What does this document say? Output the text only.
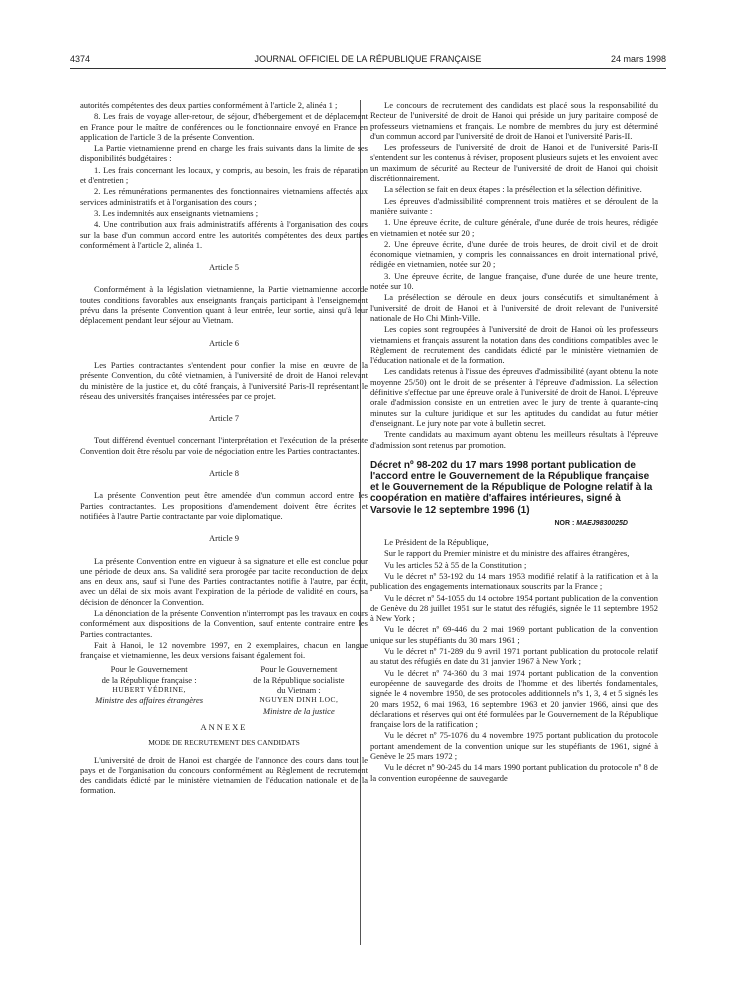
4374	JOURNAL OFFICIEL DE LA RÉPUBLIQUE FRANÇAISE	24 mars 1998

autorités compétentes des deux parties conformément à l'article 2, alinéa 1 ;

8. Les frais de voyage aller-retour, de séjour, d'hébergement et de déplacement en France pour le maître de conférences ou le fonctionnaire envoyé en France en application de l'article 3 de la présente Convention.

La Partie vietnamienne prend en charge les frais suivants dans la limite de ses disponibilités budgétaires :

1. Les frais concernant les locaux, y compris, au besoin, les frais de réparation et d'entretien ;

2. Les rémunérations permanentes des fonctionnaires vietnamiens affectés aux services administratifs et à l'organisation des cours ;

3. Les indemnités aux enseignants vietnamiens ;

4. Une contribution aux frais administratifs afférents à l'organisation des cours sur la base d'un commun accord entre les autorités compétentes des deux parties conformément à l'article 2, alinéa 1.

Article 5

Conformément à la législation vietnamienne, la Partie vietnamienne accorde toutes conditions favorables aux enseignants français participant à l'enseignement prévu dans la présente Convention quant à leur entrée, leur sortie, ainsi qu'à leur déplacement pendant leur séjour au Vietnam.

Article 6

Les Parties contractantes s'entendent pour confier la mise en œuvre de la présente Convention, du côté vietnamien, à l'université de droit de Hanoi relevant du ministère de la justice et, du côté français, à l'université Paris-II représentant le réseau des universités françaises intéressées par ce projet.

Article 7

Tout différend éventuel concernant l'interprétation et l'exécution de la présente Convention doit être résolu par voie de négociation entre les Parties contractantes.

Article 8

La présente Convention peut être amendée d'un commun accord entre les Parties contractantes. Les propositions d'amendement doivent être écrites et notifiées à l'autre Partie contractante par voie diplomatique.

Article 9

La présente Convention entre en vigueur à sa signature et elle est conclue pour une période de deux ans. Sa validité sera prorogée par tacite reconduction de deux ans en deux ans, sauf si l'une des Parties contractantes notifie à l'autre, par écrit, avec un délai de six mois avant l'expiration de la période de validité en cours, sa décision de dénoncer la Convention.

La dénonciation de la présente Convention n'interrompt pas les travaux en cours conformément aux dispositions de la Convention, sauf entente contraire entre les Parties contractantes.

Fait à Hanoi, le 12 novembre 1997, en 2 exemplaires, chacun en langue française et vietnamienne, les deux versions faisant également foi.

Pour le Gouvernement
de la République française :
HUBERT VÉDRINE,
Ministre des affaires étrangères
Pour le Gouvernement
de la République socialiste
du Vietnam :
NGUYEN DINH LOC,
Ministre de la justice
ANNEXE
MODE DE RECRUTEMENT DES CANDIDATS

L'université de droit de Hanoi est chargée de l'annonce des cours dans tout le pays et de l'organisation du concours conformément au Règlement de recrutement des candidats édicté par le ministère vietnamien de l'éducation nationale et de la formation.

Le concours de recrutement des candidats est placé sous la responsabilité du Recteur de l'université de droit de Hanoi qui préside un jury paritaire composé de professeurs vietnamiens et français. Le nombre de membres du jury est déterminé d'un commun accord par l'université de droit de Hanoi et l'université Paris-II.

Les professeurs de l'université de droit de Hanoi et de l'université Paris-II s'entendent sur les contenus à réviser, proposent plusieurs sujets et les envoient avec un maximum de sécurité au Recteur de l'université de droit de Hanoi qui choisit discrétionnairement.

La sélection se fait en deux étapes : la présélection et la sélection définitive.

Les épreuves d'admissibilité comprennent trois matières et se déroulent de la manière suivante :

1. Une épreuve écrite, de culture générale, d'une durée de trois heures, rédigée en vietnamien et notée sur 20 ;

2. Une épreuve écrite, d'une durée de trois heures, de droit civil et de droit économique vietnamien, y compris les connaissances en droit international privé, rédigée en vietnamien, notée sur 20 ;

3. Une épreuve écrite, de langue française, d'une durée de une heure trente, notée sur 10.

La présélection se déroule en deux jours consécutifs et simultanément à l'université de droit de Hanoi et à l'université de droit relevant de l'université nationale de Ho Chi Minh-Ville.

Les copies sont regroupées à l'université de droit de Hanoi où les professeurs vietnamiens et français assurent la notation dans des conditions compatibles avec le Règlement de recrutement des candidats édicté par le ministère vietnamien de l'éducation nationale et de la formation.

Les candidats retenus à l'issue des épreuves d'admissibilité (ayant obtenu la note moyenne 25/50) ont le droit de se présenter à l'épreuve d'admission. La sélection définitive s'effectue par une épreuve orale à l'université de droit de Hanoi. L'épreuve orale d'admission consiste en un entretien avec le jury de trente à quarante-cinq minutes sur la culture juridique et sur les aptitudes du candidat au futur métier d'enseignant. Le jury note par vote à bulletin secret.

Trente candidats au maximum ayant obtenu les meilleurs résultats à l'épreuve d'admission sont retenus par promotion.

Décret nº 98-202 du 17 mars 1998 portant publication de l'accord entre le Gouvernement de la République française et le Gouvernement de la République de Pologne relatif à la coopération en matière d'affaires intérieures, signé à Varsovie le 12 septembre 1996 (1)
NOR : MAEJ9830025D

Le Président de la République,

Sur le rapport du Premier ministre et du ministre des affaires étrangères,

Vu les articles 52 à 55 de la Constitution ;

Vu le décret nº 53-192 du 14 mars 1953 modifié relatif à la ratification et à la publication des engagements internationaux souscrits par la France ;

Vu le décret nº 54-1055 du 14 octobre 1954 portant publication de la convention de Genève du 28 juillet 1951 sur le statut des réfugiés, signée le 11 septembre 1952 à New York ;

Vu le décret nº 69-446 du 2 mai 1969 portant publication de la convention unique sur les stupéfiants du 30 mars 1961 ;

Vu le décret nº 71-289 du 9 avril 1971 portant publication du protocole relatif au statut des réfugiés en date du 31 janvier 1967 à New York ;

Vu le décret nº 74-360 du 3 mai 1974 portant publication de la convention européenne de sauvegarde des droits de l'homme et des libertés fondamentales, signée le 4 novembre 1950, de ses protocoles additionnels nºs 1, 3, 4 et 5 signés les 20 mars 1952, 6 mai 1963, 16 septembre 1963 et 20 janvier 1966, ainsi que des déclarations et réserves qui ont été formulées par le Gouvernement de la République française lors de la ratification ;

Vu le décret nº 75-1076 du 4 novembre 1975 portant publication du protocole portant amendement de la convention unique sur les stupéfiants de 1961, signé à Genève le 25 mars 1972 ;

Vu le décret nº 90-245 du 14 mars 1990 portant publication du protocole nº 8 de la convention européenne de sauvegarde
